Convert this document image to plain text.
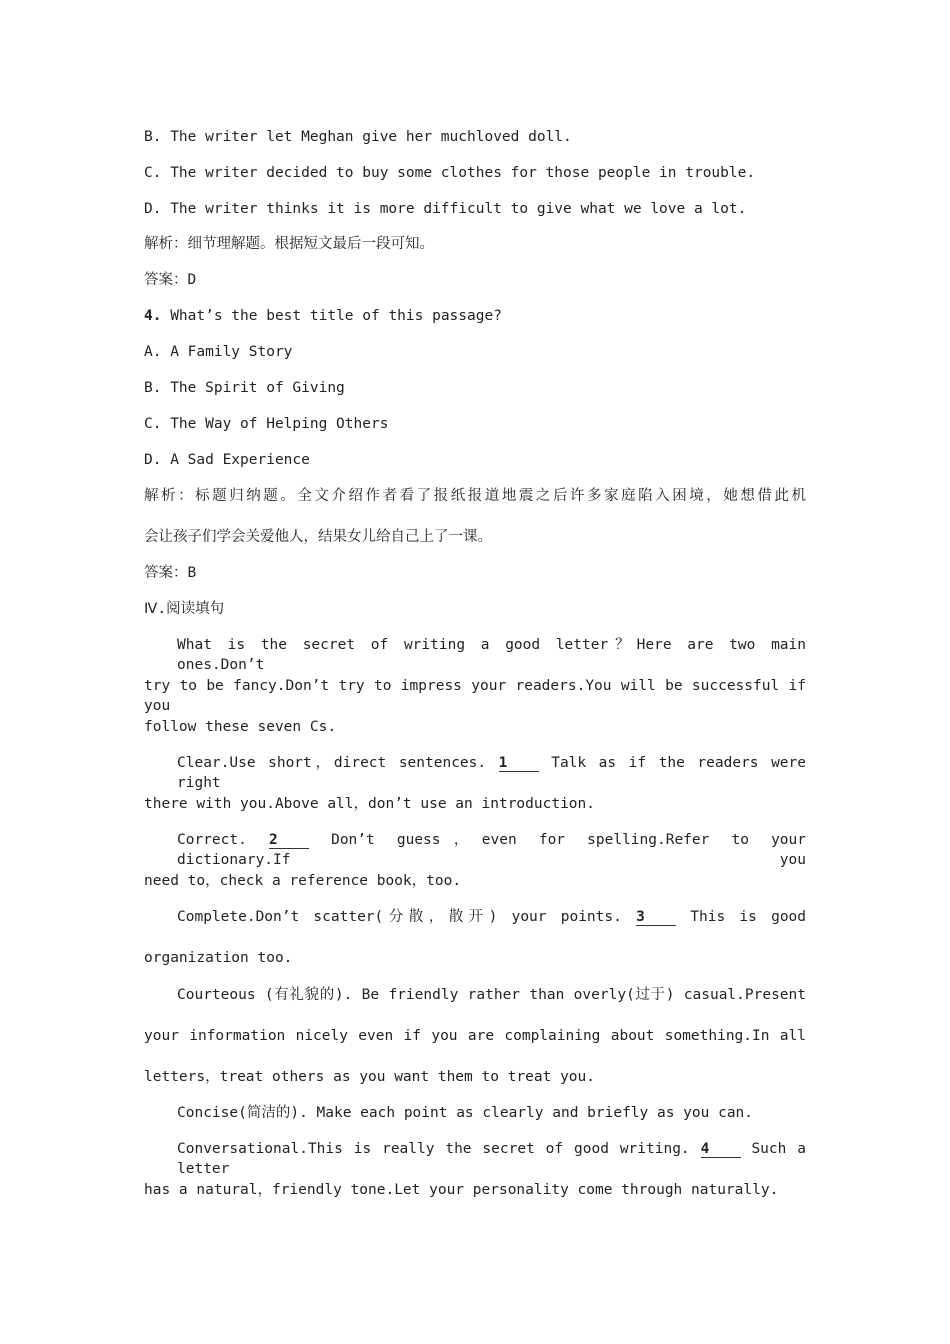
B. The writer let Meghan give her muchloved doll.
C. The writer decided to buy some clothes for those people in trouble.
D. The writer thinks it is more difficult to give what we love a lot.
解析：细节理解题。根据短文最后一段可知。
答案：D
4. What’s the best title of this passage?
A. A Family Story
B. The Spirit of Giving
C. The Way of Helping Others
D. A Sad Experience
解析：标题归纳题。全文介绍作者看了报纸报道地震之后许多家庭陷入困境，她想借此机
会让孩子们学会关爱他人，结果女儿给自己上了一课。
答案：B
Ⅳ.阅读填句
What is the secret of writing a good letter？Here are two main ones.Don’t
try to be fancy.Don’t try to impress your readers.You will be successful if you
follow these seven Cs.
Clear.Use short，direct sentences. 1	Talk as if the readers were right
there with you.Above all，don’t use an introduction.
Correct. 2	Don’t guess，even for spelling.Refer to your dictionary.If you
need to，check a reference book，too.
Complete.Don’t scatter(分散，散开) your points. 3	This is good
organization too.
Courteous (有礼貌的). Be friendly rather than overly(过于) casual.Present
your information nicely even if you are complaining about something.In all
letters，treat others as you want them to treat you.
Concise(简洁的). Make each point as clearly and briefly as you can.
Conversational.This is really the secret of good writing. 4	Such a letter
has a natural，friendly tone.Let your personality come through naturally.
